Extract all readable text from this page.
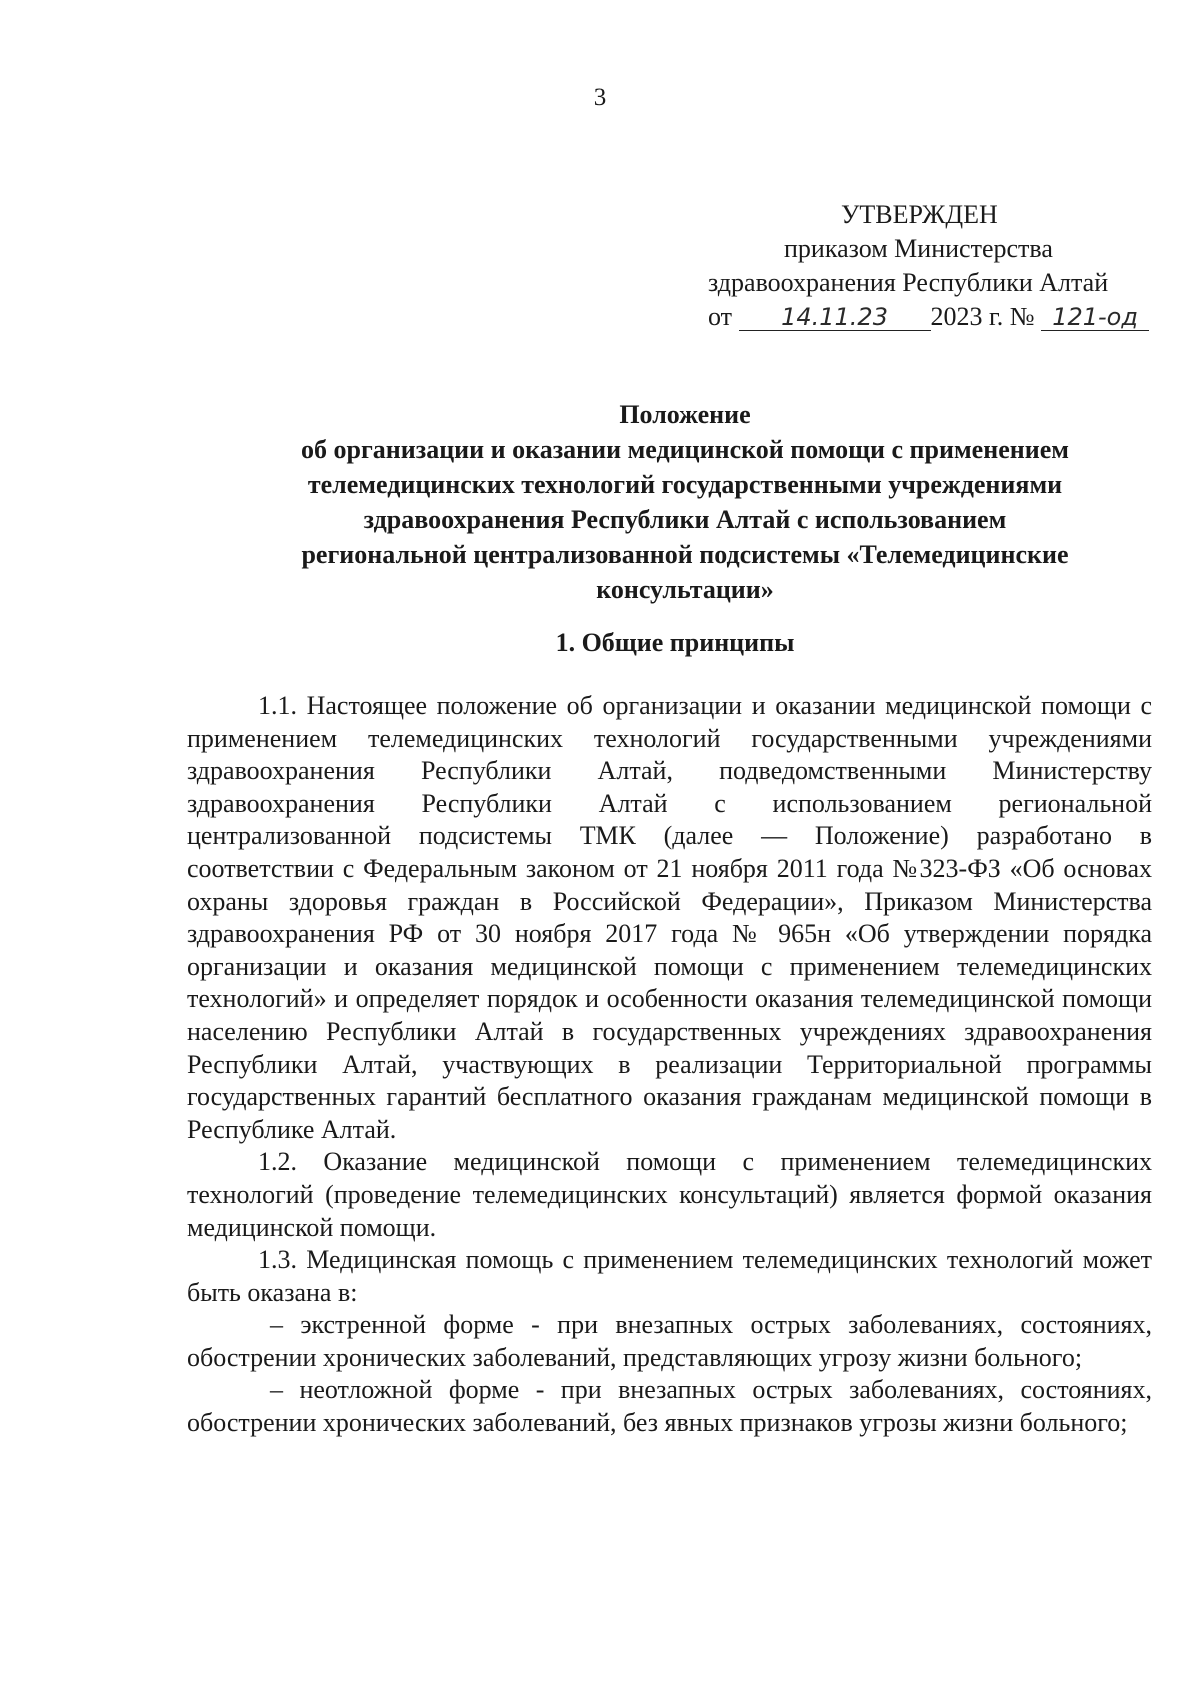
3
УТВЕРЖДЕН
приказом Министерства
здравоохранения Республики Алтай
от 14.11.23 2023 г. № 121-од
Положение
об организации и оказании медицинской помощи с применением
телемедицинских технологий государственными учреждениями
здравоохранения Республики Алтай с использованием
региональной централизованной подсистемы «Телемедицинские
консультации»
1. Общие принципы

1.1. Настоящее положение об организации и оказании медицинской помощи с применением телемедицинских технологий государственными учреждениями здравоохранения Республики Алтай, подведомственными Министерству здравоохранения Республики Алтай с использованием региональной централизованной подсистемы ТМК (далее — Положение) разработано в соответствии с Федеральным законом от 21 ноября 2011 года №323-ФЗ «Об основах охраны здоровья граждан в Российской Федерации», Приказом Министерства здравоохранения РФ от 30 ноября 2017 года № 965н «Об утверждении порядка организации и оказания медицинской помощи с применением телемедицинских технологий» и определяет порядок и особенности оказания телемедицинской помощи населению Республики Алтай в государственных учреждениях здравоохранения Республики Алтай, участвующих в реализации Территориальной программы государственных гарантий бесплатного оказания гражданам медицинской помощи в Республике Алтай.

1.2. Оказание медицинской помощи с применением телемедицинских технологий (проведение телемедицинских консультаций) является формой оказания медицинской помощи.

1.3. Медицинская помощь с применением телемедицинских технологий может быть оказана в:

– экстренной форме - при внезапных острых заболеваниях, состояниях, обострении хронических заболеваний, представляющих угрозу жизни больного;

– неотложной форме - при внезапных острых заболеваниях, состояниях, обострении хронических заболеваний, без явных признаков угрозы жизни больного;
